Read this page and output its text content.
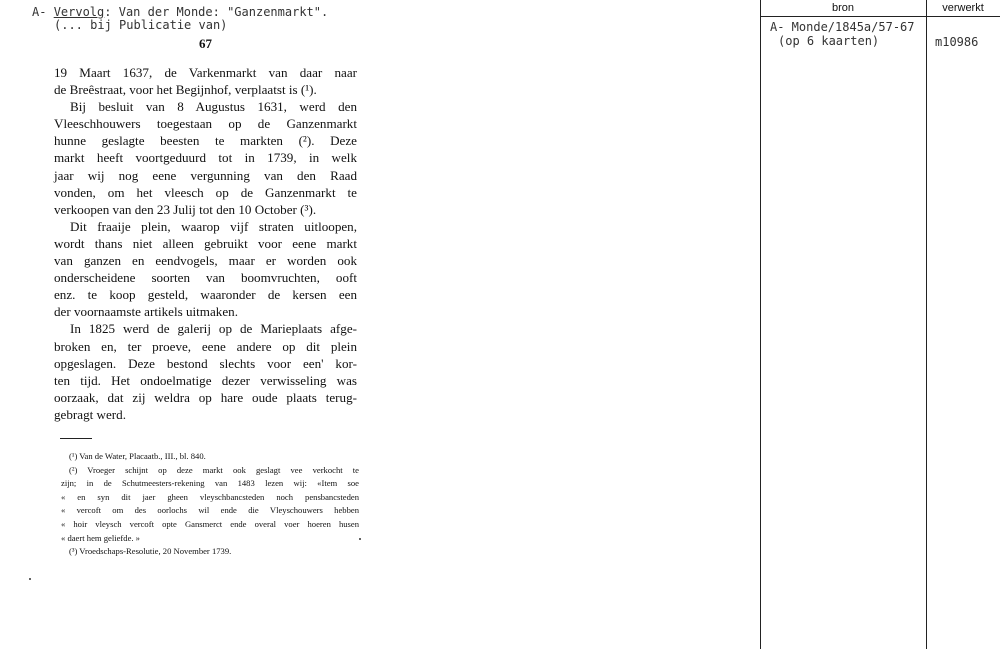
A- Vervolg: Van der Monde: "Ganzenmarkt".
(... bij Publicatie van)
67
19 Maart 1637, de Varkenmarkt van daar naar
de Breêstraat, voor het Begijnhof, verplaatst is (¹).
Bij besluit van 8 Augustus 1631, werd den
Vleeschhouwers toegestaan op de Ganzenmarkt
hunne geslagte beesten te markten (²). Deze
markt heeft voortgeduurd tot in 1739, in welk
jaar wij nog eene vergunning van den Raad
vonden, om het vleesch op de Ganzenmarkt te
verkoopen van den 23 Julij tot den 10 October (³).
Dit fraaije plein, waarop vijf straten uitloopen,
wordt thans niet alleen gebruikt voor eene markt
van ganzen en eendvogels, maar er worden ook
onderscheidene soorten van boomvruchten, ooft
enz. te koop gesteld, waaronder de kersen een
der voornaamste artikels uitmaken.
In 1825 werd de galerij op de Marieplaats afge-
broken en, ter proeve, eene andere op dit plein
opgeslagen. Deze bestond slechts voor een' kor-
ten tijd. Het ondoelmatige dezer verwisseling was
oorzaak, dat zij weldra op hare oude plaats terug-
gebragt werd.
(¹) Van de Water, Placaatb., III., bl. 840.
(²) Vroeger schijnt op deze markt ook geslagt vee verkocht te
zijn; in de Schutmeesters-rekening van 1483 lezen wij: «Item soe
« en syn dit jaer gheen vleyschbancsteden noch pensbancsteden
« vercoft om des oorlochs wil ende die Vleyschouwers hebben
« hoir vleysch vercoft opte Gansmerct ende overal voer hoeren husen
« daert hem geliefde. »
(³) Vroedschaps-Resolutie, 20 November 1739.
bron	verwerkt
A- Monde/1845a/57-67
(op 6 kaarten)	m10986
